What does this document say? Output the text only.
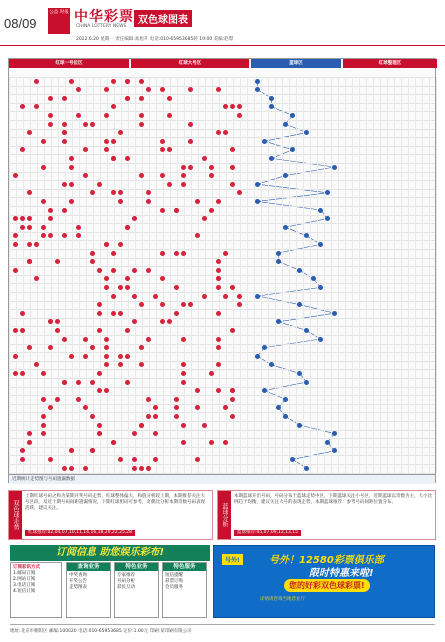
08/09
公益 时报 中华彩票
CHINA LOTTERY NEWS
双色球图表
2022.6.20 星期一 责任编辑:高旭升 电话:010-65953685转 19:00 美编:赵璟
红球一号位区	红球大号区	蓝球区	红球整理区
近期统计走势图与号码遗漏数据
双色球走势
上期红球号码之和为某期开奖号码走势，红球整体偏大，和值分析较上期，本期推荐关注大号区段，及近十期号码间距遗漏情况，下期红球胆码可参考，奇偶比分析本期奇数号码表现活跃，建议关注。
红球推荐:02,04,07,10,11,14,16,18,20,22,25,28
蓝球分析
本期蓝球开出号码，号码分布于蓝球走势中区，下期蓝球关注小号区，近期蓝球以奇数为主，大小比例趋于均衡，建议关注大号的表现走势，本期蓝球推荐：参考号码间距位置分布。
蓝球推荐:05,07,09,12,13,15
订阅信息 助您娱乐彩布!
订阅彩讯方式
1.邮局订阅
2.网站订阅
3.电话订阅
4.短信订阅
查询业务
中奖查询
开奖公告
走势图表
特色业务
专家推荐
号码分析
彩民互动
特色服务
短信提醒
彩票订购
会员服务
号外!	号外！12580彩票俱乐部
限时特惠来啦!
您的好彩双色球彩票!
详情请咨询当地营业厅
地址:北京市朝阳区 邮编:100020 电话:010-65953685 定价:1.00元 印刷:某印刷有限公司
